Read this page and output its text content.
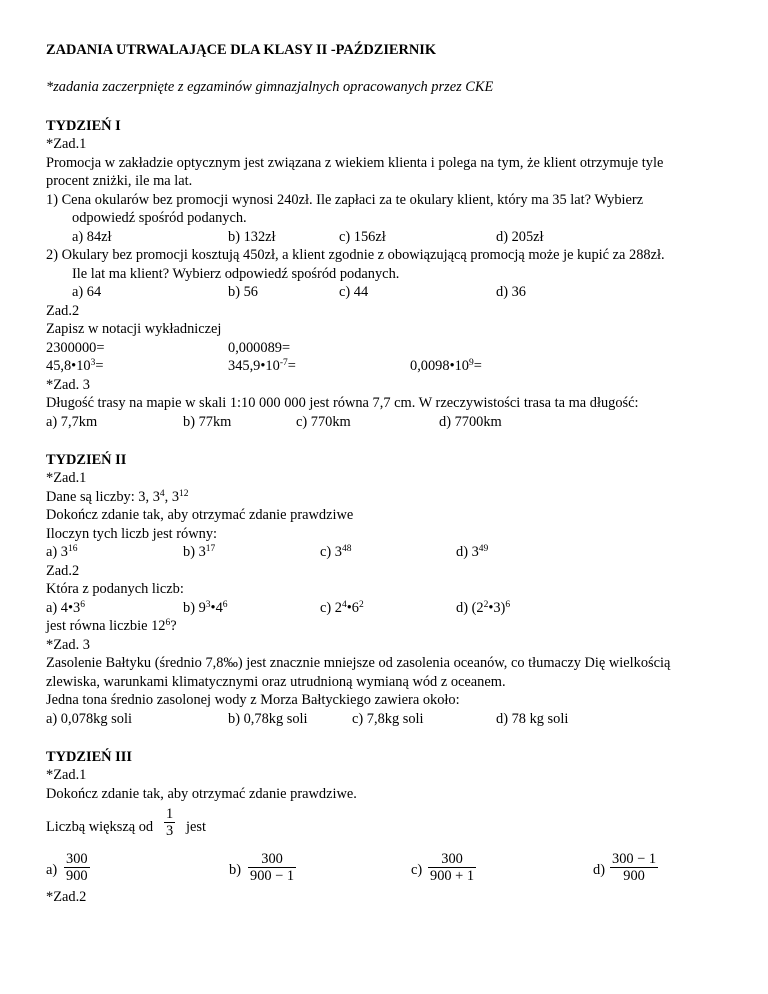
ZADANIA UTRWALAJĄCE DLA KLASY II -PAŹDZIERNIK
*zadania zaczerpnięte z egzaminów gimnazjalnych opracowanych przez CKE
TYDZIEŃ I
*Zad.1
Promocja w zakładzie optycznym jest związana z wiekiem klienta i polega na tym, że klient otrzymuje tyle
procent zniżki, ile ma lat.
1) Cena okularów bez promocji wynosi 240zł. Ile zapłaci za te okulary klient, który ma 35 lat? Wybierz
odpowiedź spośród podanych.
a) 84zł	b) 132zł	c) 156zł	d) 205zł
2) Okulary bez promocji kosztują 450zł, a klient zgodnie z obowiązującą promocją może je kupić za 288zł.
Ile lat ma klient? Wybierz odpowiedź spośród podanych.
a) 64	b) 56	c) 44	d) 36
Zad.2
Zapisz w notacji wykładniczej
2300000=	0,000089=
$45,8•10^3=$	$345,9•10^{-7}=$	$0,0098•10^9=$
*Zad. 3
Długość trasy na mapie w skali 1:10 000 000 jest równa 7,7 cm. W rzeczywistości trasa ta ma długość:
a) 7,7km	b) 77km	c) 770km	d) 7700km
TYDZIEŃ II
*Zad.1
Dane są liczby: 3, $3^4$, $3^{12}$
Dokończ zdanie tak, aby otrzymać zdanie prawdziwe
Iloczyn tych liczb jest równy:
a) $3^{16}$	b) $3^{17}$	c) $3^{48}$	d) $3^{49}$
Zad.2
Która z podanych liczb:
a) $4•3^6$	b) $9^3•4^6$	c) $2^4•6^2$	d) $(2^2•3)^6$
jest równa liczbie $12^6$?
*Zad. 3
Zasolenie Bałtyku (średnio 7,8‰) jest znacznie mniejsze od zasolenia oceanów, co tłumaczy Dię wielkością
zlewiska, warunkami klimatycznymi oraz utrudnioną wymianą wód z oceanem.
Jedna tona średnio zasolonej wody z Morza Bałtyckiego zawiera około:
a) 0,078kg soli	b) 0,78kg soli	c) 7,8kg soli	d) 78 kg soli
TYDZIEŃ III
*Zad.1
Dokończ zdanie tak, aby otrzymać zdanie prawdziwe.
Liczbą większą od $\frac{1}{3}$ jest
$a) \frac{300}{900}$	$b) \frac{300}{900 - 1}$	$c) \frac{300}{900 + 1}$	$d) \frac{300 - 1}{900}$
*Zad.2
